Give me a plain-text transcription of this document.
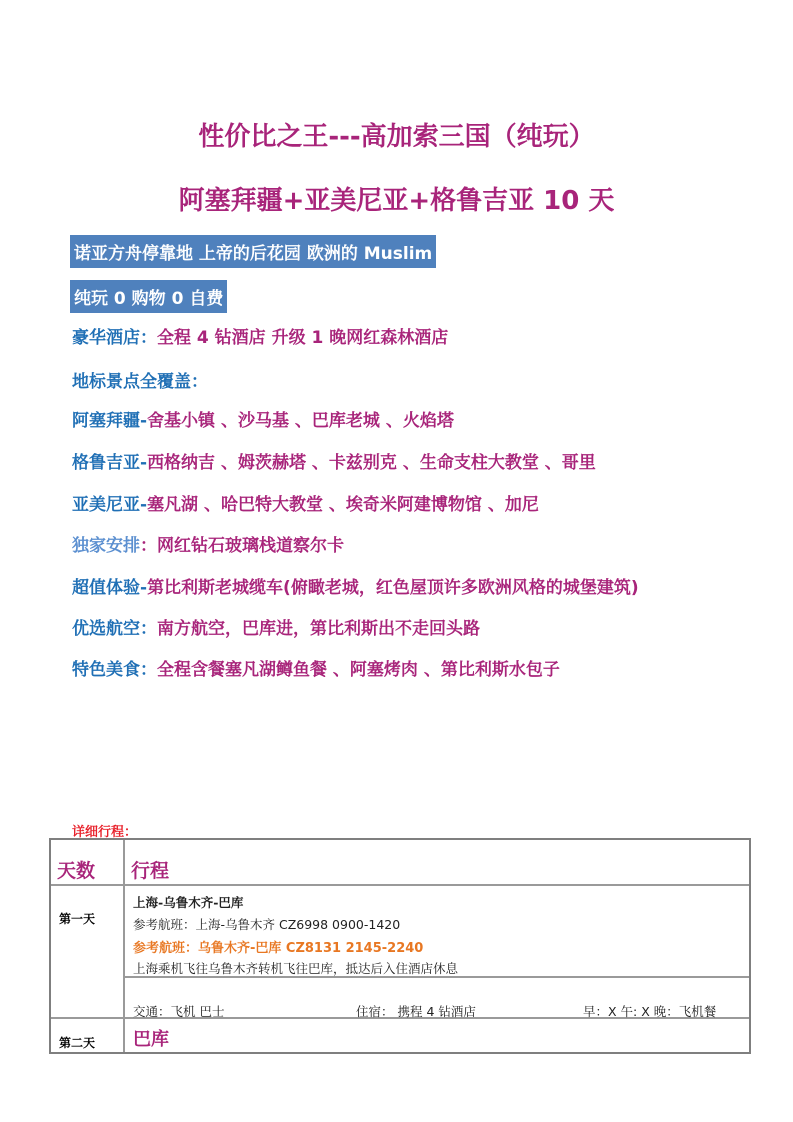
性价比之王---高加索三国（纯玩）
阿塞拜疆+亚美尼亚+格鲁吉亚 10 天
诺亚方舟停靠地 上帝的后花园 欧洲的 Muslim
纯玩 0 购物 0 自费
豪华酒店：全程 4 钻酒店 升级 1 晚网红森林酒店
地标景点全覆盖：
阿塞拜疆-舍基小镇 、沙马基 、巴库老城 、火焰塔
格鲁吉亚-西格纳吉 、姆茨赫塔 、卡兹别克 、生命支柱大教堂 、哥里
亚美尼亚-塞凡湖 、哈巴特大教堂 、埃奇米阿建博物馆 、加尼
独家安排：网红钻石玻璃栈道察尔卡
超值体验-第比利斯老城缆车(俯瞰老城，红色屋顶许多欧洲风格的城堡建筑)
优选航空：南方航空，巴库进，第比利斯出不走回头路
特色美食：全程含餐塞凡湖鳟鱼餐 、阿塞烤肉 、第比利斯水包子
详细行程：
天数 行程
第一天
上海-乌鲁木齐-巴库
参考航班：上海-乌鲁木齐 CZ6998 0900-1420
参考航班：乌鲁木齐-巴库 CZ8131 2145-2240
上海乘机飞往乌鲁木齐转机飞往巴库，抵达后入住酒店休息
交通：飞机 巴士	住宿： 携程 4 钻酒店	早：X 午: X 晚：飞机餐
第二天 巴库
